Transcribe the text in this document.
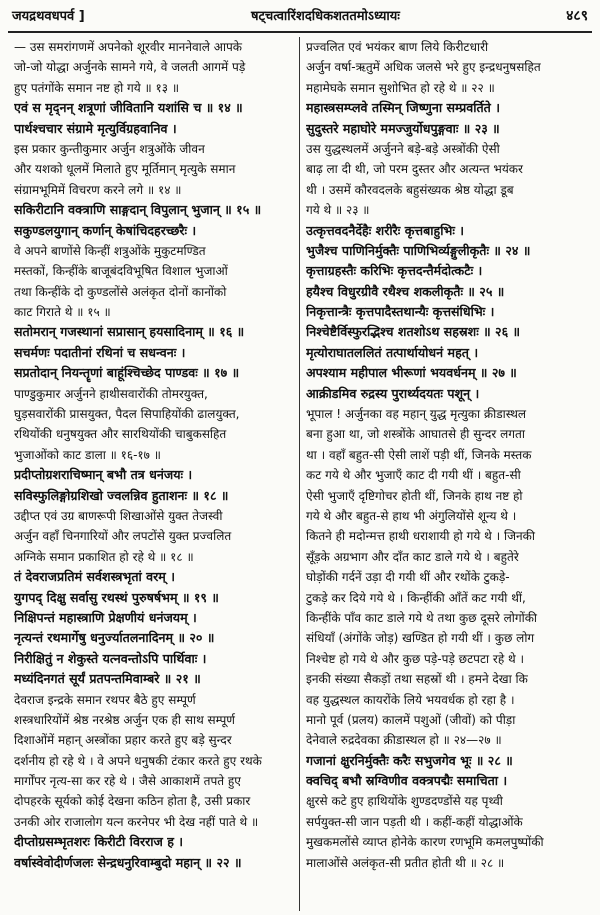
जयद्रथवधपर्व ]	षट्चत्वारिंशदधिकशततमोऽध्यायः	४८९
— उस समरांगणमें अपनेको शूरवीर माननेवाले आपके
जो-जो योद्धा अर्जुनके सामने गये, वे जलती आगमें पड़े
हुए पतंगोंके समान नष्ट हो गये ॥ १३ ॥
एवं स मृद्नन् शत्रूणां जीवितानि यशांसि च ॥ १४ ॥
पार्थश्चचार संग्रामे मृत्युर्विग्रहवानिव ।
इस प्रकार कुन्तीकुमार अर्जुन शत्रुओंके जीवन
और यशको धूलमें मिलाते हुए मूर्तिमान् मृत्युके समान
संग्रामभूमिमें विचरण करने लगे ॥ १४ ॥
सकिरीटानि वक्त्राणि साङ्गदान् विपुलान् भुजान् ॥ १५ ॥
सकुण्डलयुगान् कर्णान् केषांचिदहरच्छरैः ।
वे अपने बाणोंसे किन्हीं शत्रुओंके मुकुटमण्डित
मस्तकों, किन्हींके बाजूबंदविभूषित विशाल भुजाओं
तथा किन्हींके दो कुण्डलोंसे अलंकृत दोनों कानोंको
काट गिराते थे ॥ १५ ॥
सतोमरान् गजस्थानां सप्रासान् हयसादिनाम् ॥ १६ ॥
सचर्मणः पदातीनां रथिनां च सधन्वनः ।
सप्रतोदान् नियन्तॄणां बाहूंश्चिच्छेद पाण्डवः ॥ १७ ॥
पाण्डुकुमार अर्जुनने हाथीसवारोंकी तोमरयुक्त,
घुड़सवारोंकी प्रासयुक्त, पैदल सिपाहियोंकी ढालयुक्त,
रथियोंकी धनुषयुक्त और सारथियोंकी चाबुकसहित
भुजाओंको काट डाला ॥ १६-१७ ॥
प्रदीप्तोग्रशराचिष्मान् बभौ तत्र धनंजयः ।
सविस्फुलिङ्गोग्रशिखो ज्वलन्निव हुताशनः ॥ १८ ॥
उद्दीप्त एवं उग्र बाणरूपी शिखाओंसे युक्त तेजस्वी
अर्जुन वहाँ चिनगारियों और लपटोंसे युक्त प्रज्वलित
अग्निके समान प्रकाशित हो रहे थे ॥ १८ ॥
तं देवराजप्रतिमं सर्वशस्त्रभृतां वरम् ।
युगपद् दिक्षु सर्वासु रथस्थं पुरुषर्षभम् ॥ १९ ॥
निक्षिपन्तं महास्त्राणि प्रेक्षणीयं धनंजयम् ।
नृत्यन्तं रथमार्गेषु धनुर्ज्यातलनादिनम् ॥ २० ॥
निरीक्षितुं न शेकुस्ते यत्नवन्तोऽपि पार्थिवाः ।
मध्यंदिनगतं सूर्यं प्रतपन्तमिवाम्बरे ॥ २१ ॥
देवराज इन्द्रके समान रथपर बैठे हुए सम्पूर्ण
शस्त्रधारियोंमें श्रेष्ठ नरश्रेष्ठ अर्जुन एक ही साथ सम्पूर्ण
दिशाओंमें महान् अस्त्रोंका प्रहार करते हुए बड़े सुन्दर
दर्शनीय हो रहे थे । वे अपने धनुषकी टंकार करते हुए रथके
मार्गोंपर नृत्य-सा कर रहे थे । जैसे आकाशमें तपते हुए
दोपहरके सूर्यको कोई देखना कठिन होता है, उसी प्रकार
उनकी ओर राजालोग यत्न करनेपर भी देख नहीं पाते थे ॥
दीप्तोग्रसम्भृतशरः किरीटी विरराज ह ।
वर्षास्वेवोदीर्णजलः सेन्द्रधनुरिवाम्बुदो महान् ॥ २२ ॥
प्रज्वलित एवं भयंकर बाण लिये किरीटधारी
अर्जुन वर्षा-ऋतुमें अधिक जलसे भरे हुए इन्द्रधनुषसहित
महामेघके समान सुशोभित हो रहे थे ॥ २२ ॥
महास्त्रसम्प्लवे तस्मिन् जिष्णुना सम्प्रवर्तिते ।
सुदुस्तरे महाघोरे ममज्जुर्योधपुङ्गवाः ॥ २३ ॥
उस युद्धस्थलमें अर्जुनने बड़े-बड़े अस्त्रोंकी ऐसी
बाढ़ ला दी थी, जो परम दुस्तर और अत्यन्त भयंकर
थी । उसमें कौरवदलके बहुसंख्यक श्रेष्ठ योद्धा डूब
गये थे ॥ २३ ॥
उत्कृत्तवदनैर्देहैः शरीरैः कृत्तबाहुभिः ।
भुजैश्च पाणिनिर्मुक्तैः पाणिभिर्व्यङ्गुलीकृतैः ॥ २४ ॥
कृत्ताग्रहस्तैः करिभिः कृत्तदन्तैर्मदोत्कटैः ।
हयैश्च विधुरग्रीवै रथैश्च शकलीकृतैः ॥ २५ ॥
निकृत्तान्त्रैः कृत्तपादैस्तथान्यैः कृत्तसंधिभिः ।
निश्चेष्टैर्विस्फुरद्भिश्च शतशोऽथ सहस्रशः ॥ २६ ॥
मृत्योराघातललितं तत्पार्थायोधनं महत् ।
अपश्याम महीपाल भीरूणां भयवर्धनम् ॥ २७ ॥
आक्रीडमिव रुद्रस्य पुरार्थ्यदयतः पशून् ।
भूपाल ! अर्जुनका वह महान् युद्ध मृत्युका क्रीडास्थल
बना हुआ था, जो शस्त्रोंके आघातसे ही सुन्दर लगता
था । वहाँ बहुत-सी ऐसी लाशें पड़ी थीं, जिनके मस्तक
कट गये थे और भुजाएँ काट दी गयी थीं । बहुत-सी
ऐसी भुजाएँ दृष्टिगोचर होती थीं, जिनके हाथ नष्ट हो
गये थे और बहुत-से हाथ भी अंगुलियोंसे शून्य थे ।
कितने ही मदोन्मत्त हाथी धराशायी हो गये थे । जिनकी
सूँड़के अग्रभाग और दाँत काट डाले गये थे । बहुतेरे
घोड़ोंकी गर्दनें उड़ा दी गयी थीं और रथोंके टुकड़े-
टुकड़े कर दिये गये थे । किन्हींकी आँतें कट गयी थीं,
किन्हींके पाँव काट डाले गये थे तथा कुछ दूसरे लोगोंकी
संधियाँ (अंगोंके जोड़) खण्डित हो गयी थीं । कुछ लोग
निश्चेष्ट हो गये थे और कुछ पड़े-पड़े छटपटा रहे थे ।
इनकी संख्या सैकड़ों तथा सहस्रों थी । हमने देखा कि
वह युद्धस्थल कायरोंके लिये भयवर्धक हो रहा है ।
मानो पूर्व (प्रलय) कालमें पशुओं (जीवों) को पीड़ा
देनेवाले रुद्रदेवका क्रीडास्थल हो ॥ २४—२७ ॥
गजानां क्षुरनिर्मुक्तैः करैः सभुजगेव भूः ॥ २८ ॥
क्वचिद् बभौ स्रग्विणीव वक्त्रपद्मैः समाचिता ।
क्षुरसे कटे हुए हाथियोंके शुण्डदण्डोंसे यह पृथ्वी
सर्पयुक्त-सी जान पड़ती थी । कहीं-कहीं योद्धाओंके
मुखकमलोंसे व्याप्त होनेके कारण रणभूमि कमलपुष्पोंकी
मालाओंसे अलंकृत-सी प्रतीत होती थी ॥ २८ ॥
